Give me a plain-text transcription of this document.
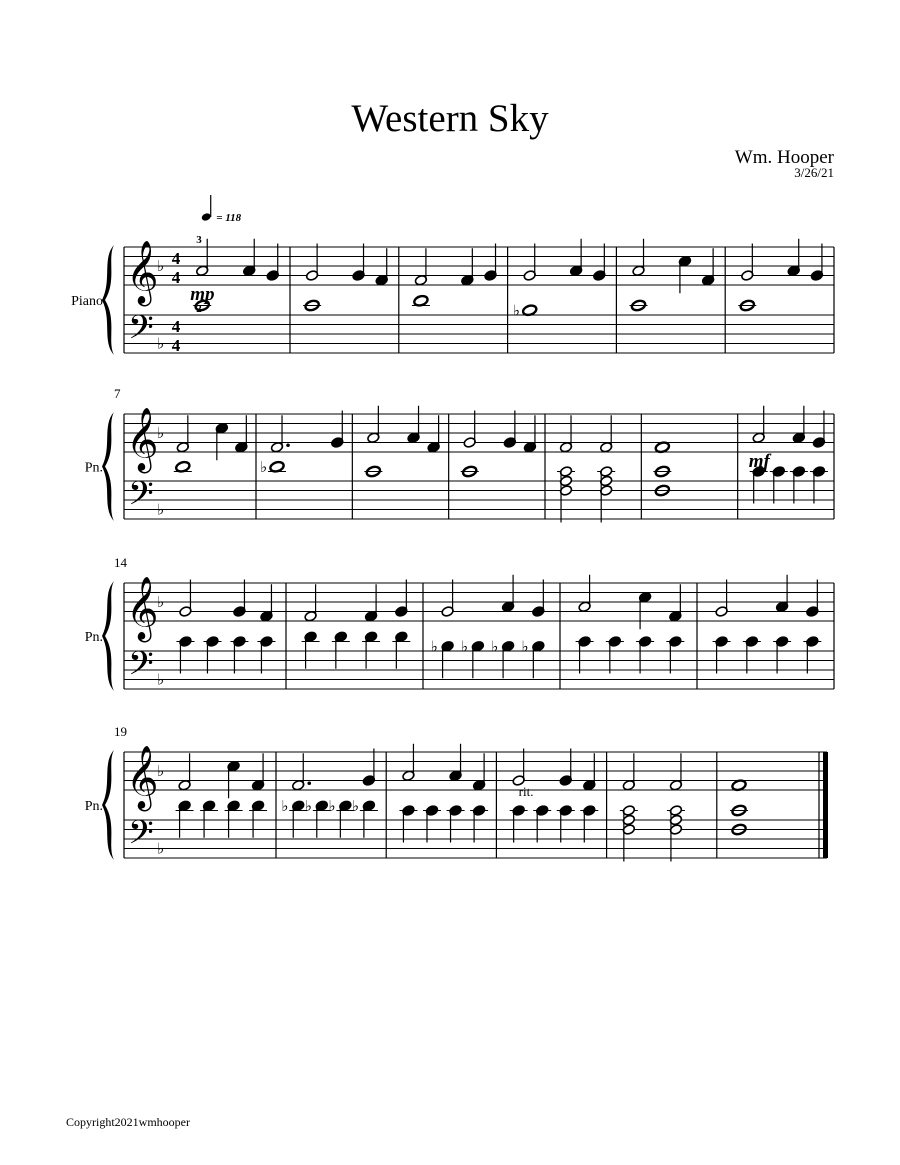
Western Sky
Wm. Hooper
3/26/21
Piano 𝄞
𝄢
♭
♭
4
4
4
4
♭
= 118
3
2
mp
Pn.
7
𝄞
𝄢
♭
♭
♭	mf
Pn.
14
𝄞
𝄢
♭
♭
♭ ♭ ♭ ♭
Pn.
19
𝄞
𝄢
♭
♭
♭ ♭ ♭ ♭
rit.
Copyright2021wmhooper
